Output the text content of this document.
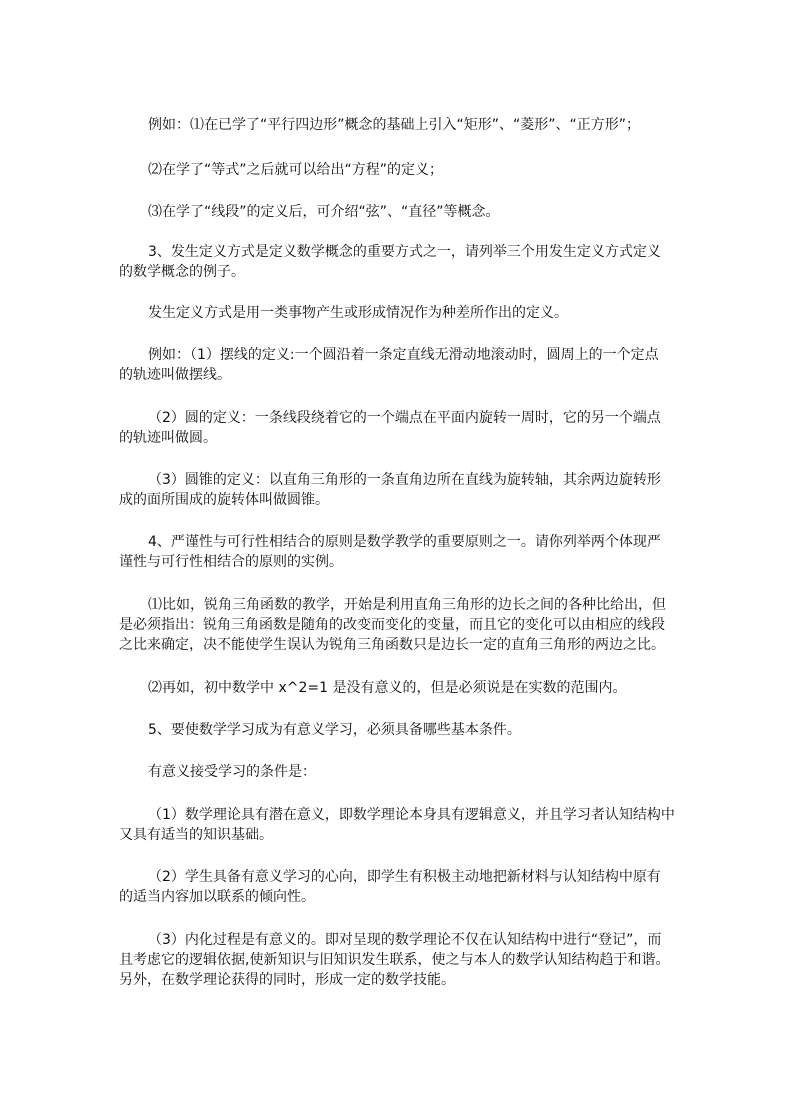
例如：⑴在已学了“平行四边形”概念的基础上引入“矩形”、“菱形”、“正方形”；
⑵在学了“等式”之后就可以给出“方程”的定义；
⑶在学了“线段”的定义后，可介绍“弦”、“直径”等概念。
3、发生定义方式是定义数学概念的重要方式之一，请列举三个用发生定义方式定义
的数学概念的例子。
发生定义方式是用一类事物产生或形成情况作为种差所作出的定义。
例如：（1）摆线的定义:一个圆沿着一条定直线无滑动地滚动时，圆周上的一个定点
的轨迹叫做摆线。
（2）圆的定义：一条线段绕着它的一个端点在平面内旋转一周时，它的另一个端点
的轨迹叫做圆。
（3）圆锥的定义：以直角三角形的一条直角边所在直线为旋转轴，其余两边旋转形
成的面所围成的旋转体叫做圆锥。
4、严谨性与可行性相结合的原则是数学教学的重要原则之一。请你列举两个体现严
谨性与可行性相结合的原则的实例。
⑴比如，锐角三角函数的教学，开始是利用直角三角形的边长之间的各种比给出，但
是必须指出：锐角三角函数是随角的改变而变化的变量，而且它的变化可以由相应的线段
之比来确定，决不能使学生误认为锐角三角函数只是边长一定的直角三角形的两边之比。
⑵再如，初中数学中 x^2=1 是没有意义的，但是必须说是在实数的范围内。
5、要使数学学习成为有意义学习，必须具备哪些基本条件。
有意义接受学习的条件是：
（1）数学理论具有潜在意义，即数学理论本身具有逻辑意义，并且学习者认知结构中
又具有适当的知识基础。
（2）学生具备有意义学习的心向，即学生有积极主动地把新材料与认知结构中原有
的适当内容加以联系的倾向性。
（3）内化过程是有意义的。即对呈现的数学理论不仅在认知结构中进行“登记”，而
且考虑它的逻辑依据,使新知识与旧知识发生联系，使之与本人的数学认知结构趋于和谐。
另外，在数学理论获得的同时，形成一定的数学技能。
